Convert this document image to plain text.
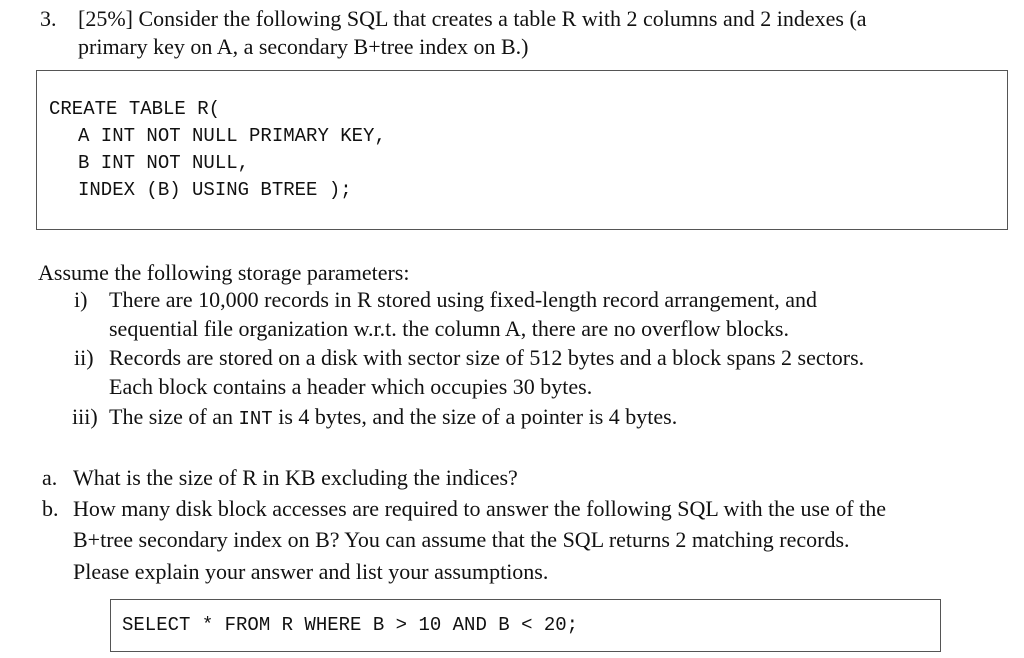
3. [25%] Consider the following SQL that creates a table R with 2 columns and 2 indexes (a
primary key on A, a secondary B+tree index on B.)
CREATE TABLE R(
A INT NOT NULL PRIMARY KEY,
B INT NOT NULL,
INDEX (B) USING BTREE );
Assume the following storage parameters:
i) There are 10,000 records in R stored using fixed-length record arrangement, and
sequential file organization w.r.t. the column A, there are no overflow blocks.
ii) Records are stored on a disk with sector size of 512 bytes and a block spans 2 sectors.
Each block contains a header which occupies 30 bytes.
iii) The size of an INT is 4 bytes, and the size of a pointer is 4 bytes.
a. What is the size of R in KB excluding the indices?
b. How many disk block accesses are required to answer the following SQL with the use of the
B+tree secondary index on B? You can assume that the SQL returns 2 matching records.
Please explain your answer and list your assumptions.
SELECT * FROM R WHERE B > 10 AND B < 20;
